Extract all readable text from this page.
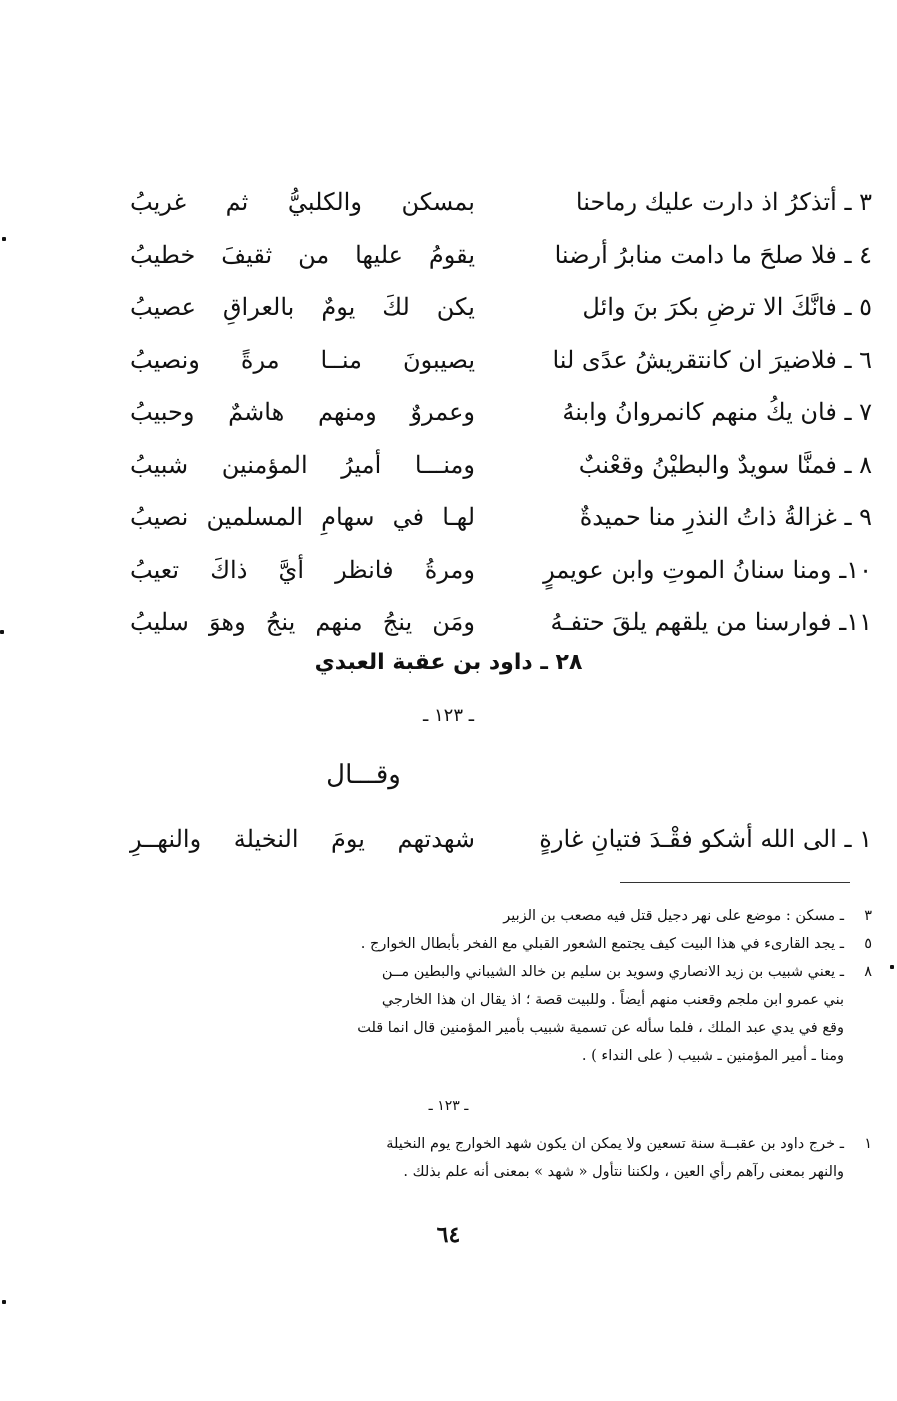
٣ ـ أتذكرُ اذ دارت عليك رماحنا
بمسكن والكلبيُّ ثم غريبُ
٤ ـ فلا صلحَ ما دامت منابرُ أرضنا
يقومُ عليها من ثقيفَ خطيبُ
٥ ـ فانَّكَ الا ترضِ بكرَ بنَ وائل
يكن لكَ يومٌ بالعراقِ عصيبُ
٦ ـ فلاضيرَ ان كانتقريشُ عدًى لنا
يصيبونَ منــا مرةً ونصيبُ
٧ ـ فان يكُ منهم كانمروانُ وابنهُ
وعمروٌ ومنهم هاشمٌ وحبيبُ
٨ ـ فمنَّا سويدٌ والبطيْنُ وقعْنبٌ
ومنـــا أميرُ المؤمنين شبيبُ
٩ ـ غزالةُ ذاتُ النذرِ منا حميدةٌ
لهـا في سهامِ المسلمين نصيبُ
١٠ـ ومنا سنانُ الموتِ وابن عويمرٍ
ومرةُ فانظر أيَّ ذاكَ تعيبُ
١١ـ فوارسنا من يلقهم يلقَ حتفـهُ
ومَن ينجُ منهم ينجُ وهوَ سليبُ
٢٨ ـ داود بن عقبة العبدي
ـ ١٢٣ ـ
وقـــال
١ ـ الى الله أشكو فقْـدَ فتيانِ غارةٍ
شهدتهم يومَ النخيلة والنهــرِ
٣
ـ مسكن : موضع على نهر دجيل قتل فيه مصعب بن الزبير
٥
ـ يجد القارىء في هذا البيت كيف يجتمع الشعور القبلي مع الفخر بأبطال الخوارج .
٨
ـ يعني شبيب بن زيد الانصاري وسويد بن سليم بن خالد الشيباني والبطين مــن
بني عمرو ابن ملجم وقعنب منهم أيضاً . وللبيت قصة ؛ اذ يقال ان هذا الخارجي
وقع في يدي عبد الملك ، فلما سأله عن تسمية شبيب بأمير المؤمنين قال انما قلت
ومنا ـ أمير المؤمنين ـ شبيب ( على النداء ) .
ـ ١٢٣ ـ
١
ـ خرج داود بن عقبــة سنة تسعين ولا يمكن ان يكون شهد الخوارج يوم النخيلة
والنهر بمعنى رآهم رأي العين ، ولكننا نتأول « شهد » بمعنى أنه علم بذلك .
٦٤
